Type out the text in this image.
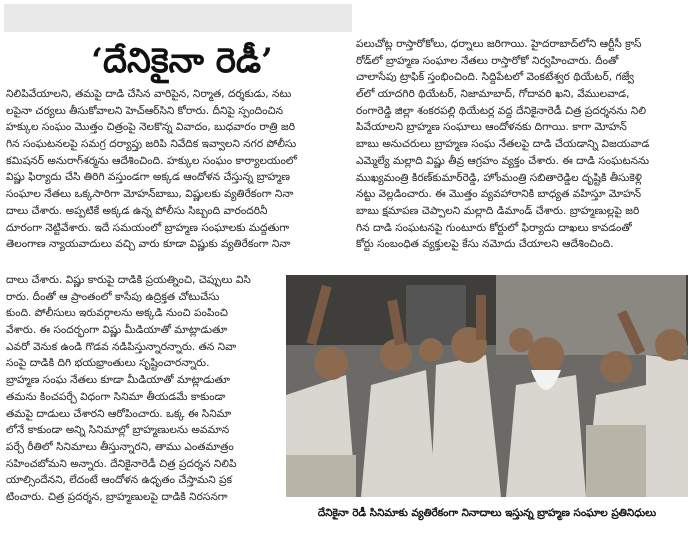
‘దేనికైనా రెడీ’
నిలిపివేయాలని, తమపై దాడి చేసిన వారిపైన, నిర్మాత, దర్శకుడు, నటు
లపైనా చర్యలు తీసుకోవాలని హెచ్ఆర్‌సిని కోరారు. దీనిపై స్పందించిన
హక్కుల సంఘం మొత్తం చిత్రంపై నెలకొన్న వివాదం, బుధవారం రాత్రి జరి
గిన సంఘటనలపై సమగ్ర దర్యాప్తు జరిపి నివేదిక ఇవ్వాలని నగర పోలీసు
కమిషనర్ అనురాగ్‌శర్మను ఆదేశించింది. హక్కుల సంఘం కార్యాలయంలో
విష్ణు ఫిర్యాదు చేసి తిరిగి వస్తుండగా అక్కడ ఆందోళన చేస్తున్న బ్రాహ్మణ
సంఘాల నేతలు ఒక్కసారిగా మోహన్‌బాబు, విష్ణులకు వ్యతిరేకంగా నినా
దాలు చేశారు. అప్పటికే అక్కడ ఉన్న పోలీసు సిబ్బంది వారందరినీ
దూరంగా నెట్టివేశారు. ఇదే సమయంలో బ్రాహ్మణ సంఘాలకు మద్దతుగా
తెలంగాణ న్యాయవాదులు వచ్చి వారు కూడా విష్ణుకు వ్యతిరేకంగా నినా
దాలు చేశారు. విష్ణు కారుపై దాడికి ప్రయత్నించి, చెప్పులు విసి
రారు. దీంతో ఆ ప్రాంతంలో కాసేపు ఉద్రిక్తత చోటుచేసు
కుంది. పోలీసులు ఇరువర్గాలను అక్కడి నుంచి పంపించి
వేశారు. ఈ సందర్భంగా విష్ణు మీడియాతో మాట్లాడుతూ
ఎవరో వెనుక ఉండి గొడవ నడిపిస్తున్నారన్నారు. తన నివా
సంపై దాడికి దిగి భయభ్రాంతులు సృష్టించారన్నారు.
బ్రాహ్మణ సంఘ నేతలు కూడా మీడియాతో మాట్లాడుతూ
తమను కించపర్చే విధంగా సినిమా తీయడమే కాకుండా
తమపై దాడులు చేశారని ఆరోపించారు. ఒక్క ఈ సినిమా
లోనే కాకుండా అన్ని సినిమాల్లో బ్రాహ్మణులను అవమాన
పర్చే రీతిలో సినిమాలు తీస్తున్నారని, తాము ఎంతమాత్రం
సహించబోమని అన్నారు. దేనికైనారెడీ చిత్ర ప్రదర్శన నిలిపి
యాల్సిందేనని, లేదంటే ఆందోళన ఉధృతం చేస్తామని ప్రక
టించారు. చిత్ర ప్రదర్శన, బ్రాహ్మణులపై దాడికి నిరసనగా
పలుచోట్ల రాస్తారోకోలు, ధర్నాలు జరిగాయి. హైదరాబాద్‌లోని ఆర్టీసీ క్రాస్
రోడ్‌లో బ్రాహ్మణ సంఘాల నేతలు రాస్తారోకో నిర్వహించారు. దీంతో
చాలాసేపు ట్రాఫిక్ స్తంభించింది. సిద్దిపేటలో వెంకటేశ్వర థియేటర్, గజ్వే
ల్‌లో యాదగిరి థియేటర్, నిజామాబాద్, గోదావరి ఖని, వేములవాడ,
రంగారెడ్డి జిల్లా శంకరపల్లి థియేటర్ల వద్ద దేనికైనారెడీ చిత్ర ప్రదర్శనను నిలి
పివేయాలని బ్రాహ్మణ సంఘాలు ఆందోళనకు దిగాయి. కాగా మోహన్
బాబు అనుచరులు బ్రాహ్మణ సంఘ నేతలపై దాడి చేయడాన్ని విజయవాడ
ఎమ్మెల్యే మల్లాది విష్ణు తీవ్ర ఆగ్రహం వ్యక్తం చేశారు. ఈ దాడి సంఘటనను
ముఖ్యమంత్రి కిరణ్‌కుమార్‌రెడ్డి, హోంమంత్రి సబితారెడ్డిల దృష్టికి తీసుకెళ్లి
నట్టు వెల్లడించారు. ఈ మొత్తం వ్యవహారానికి బాధ్యత వహిస్తూ మోహన్
బాబు క్షమాపణ చెప్పాలని మల్లాది డిమాండ్ చేశారు. బ్రాహ్మణుల్లపై జరి
గిన దాడి సంఘటనపై గుంటూరు కోర్టులో ఫిర్యాదు దాఖలు కావడంతో
కోర్టు సంబంధిత వ్యక్తులపై కేసు నమోదు చేయాలని ఆదేశించింది.
దేనికైనా రెడీ సినిమాకు వ్యతిరేకంగా నినాదాలు ఇస్తున్న బ్రాహ్మణ సంఘాల ప్రతినిధులు
